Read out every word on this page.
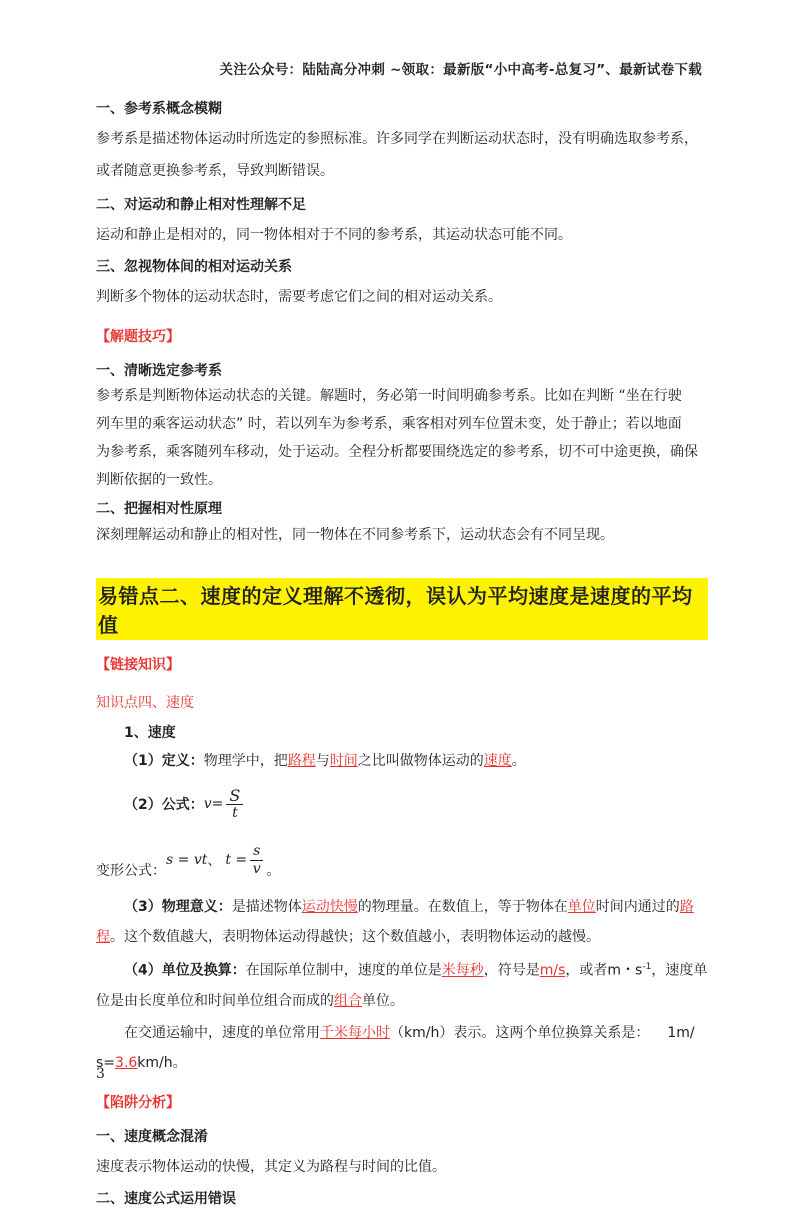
关注公众号：陆陆高分冲刺 ~领取：最新版“小中高考-总复习”、最新试卷下载

一、参考系概念模糊

参考系是描述物体运动时所选定的参照标准。许多同学在判断运动状态时，没有明确选取参考系，

或者随意更换参考系，导致判断错误。

二、对运动和静止相对性理解不足

运动和静止是相对的，同一物体相对于不同的参考系，其运动状态可能不同。

三、忽视物体间的相对运动关系

判断多个物体的运动状态时，需要考虑它们之间的相对运动关系。

【解题技巧】

一、清晰选定参考系

参考系是判断物体运动状态的关键。解题时，务必第一时间明确参考系。比如在判断 “坐在行驶

列车里的乘客运动状态” 时，若以列车为参考系，乘客相对列车位置未变，处于静止；若以地面

为参考系，乘客随列车移动，处于运动。全程分析都要围绕选定的参考系，切不可中途更换，确保

判断依据的一致性。

二、把握相对性原理

深刻理解运动和静止的相对性，同一物体在不同参考系下，运动状态会有不同呈现。

易错点二、速度的定义理解不透彻，误认为平均速度是速度的平均值

【链接知识】

知识点四、速度

1、速度

（1）定义：物理学中，把路程与时间之比叫做物体运动的速度。

（2）公式： $v = \frac{S}{t}$
变形公式：
s = vt 、 $t = \frac{s}{v}$ 。

（3）物理意义：是描述物体运动快慢的物理量。在数值上，等于物体在单位时间内通过的路

程。这个数值越大，表明物体运动得越快；这个数值越小，表明物体运动的越慢。

（4）单位及换算：在国际单位制中，速度的单位是米每秒，符号是m/s，或者m・$s^{-1}$，速度单

位是由长度单位和时间单位组合而成的组合单位。

在交通运输中，速度的单位常用千米每小时（km/h）表示。这两个单位换算关系是： 1m/

s=3.6km/h。

【陷阱分析】

一、速度概念混淆

速度表示物体运动的快慢，其定义为路程与时间的比值。

二、速度公式运用错误

3
